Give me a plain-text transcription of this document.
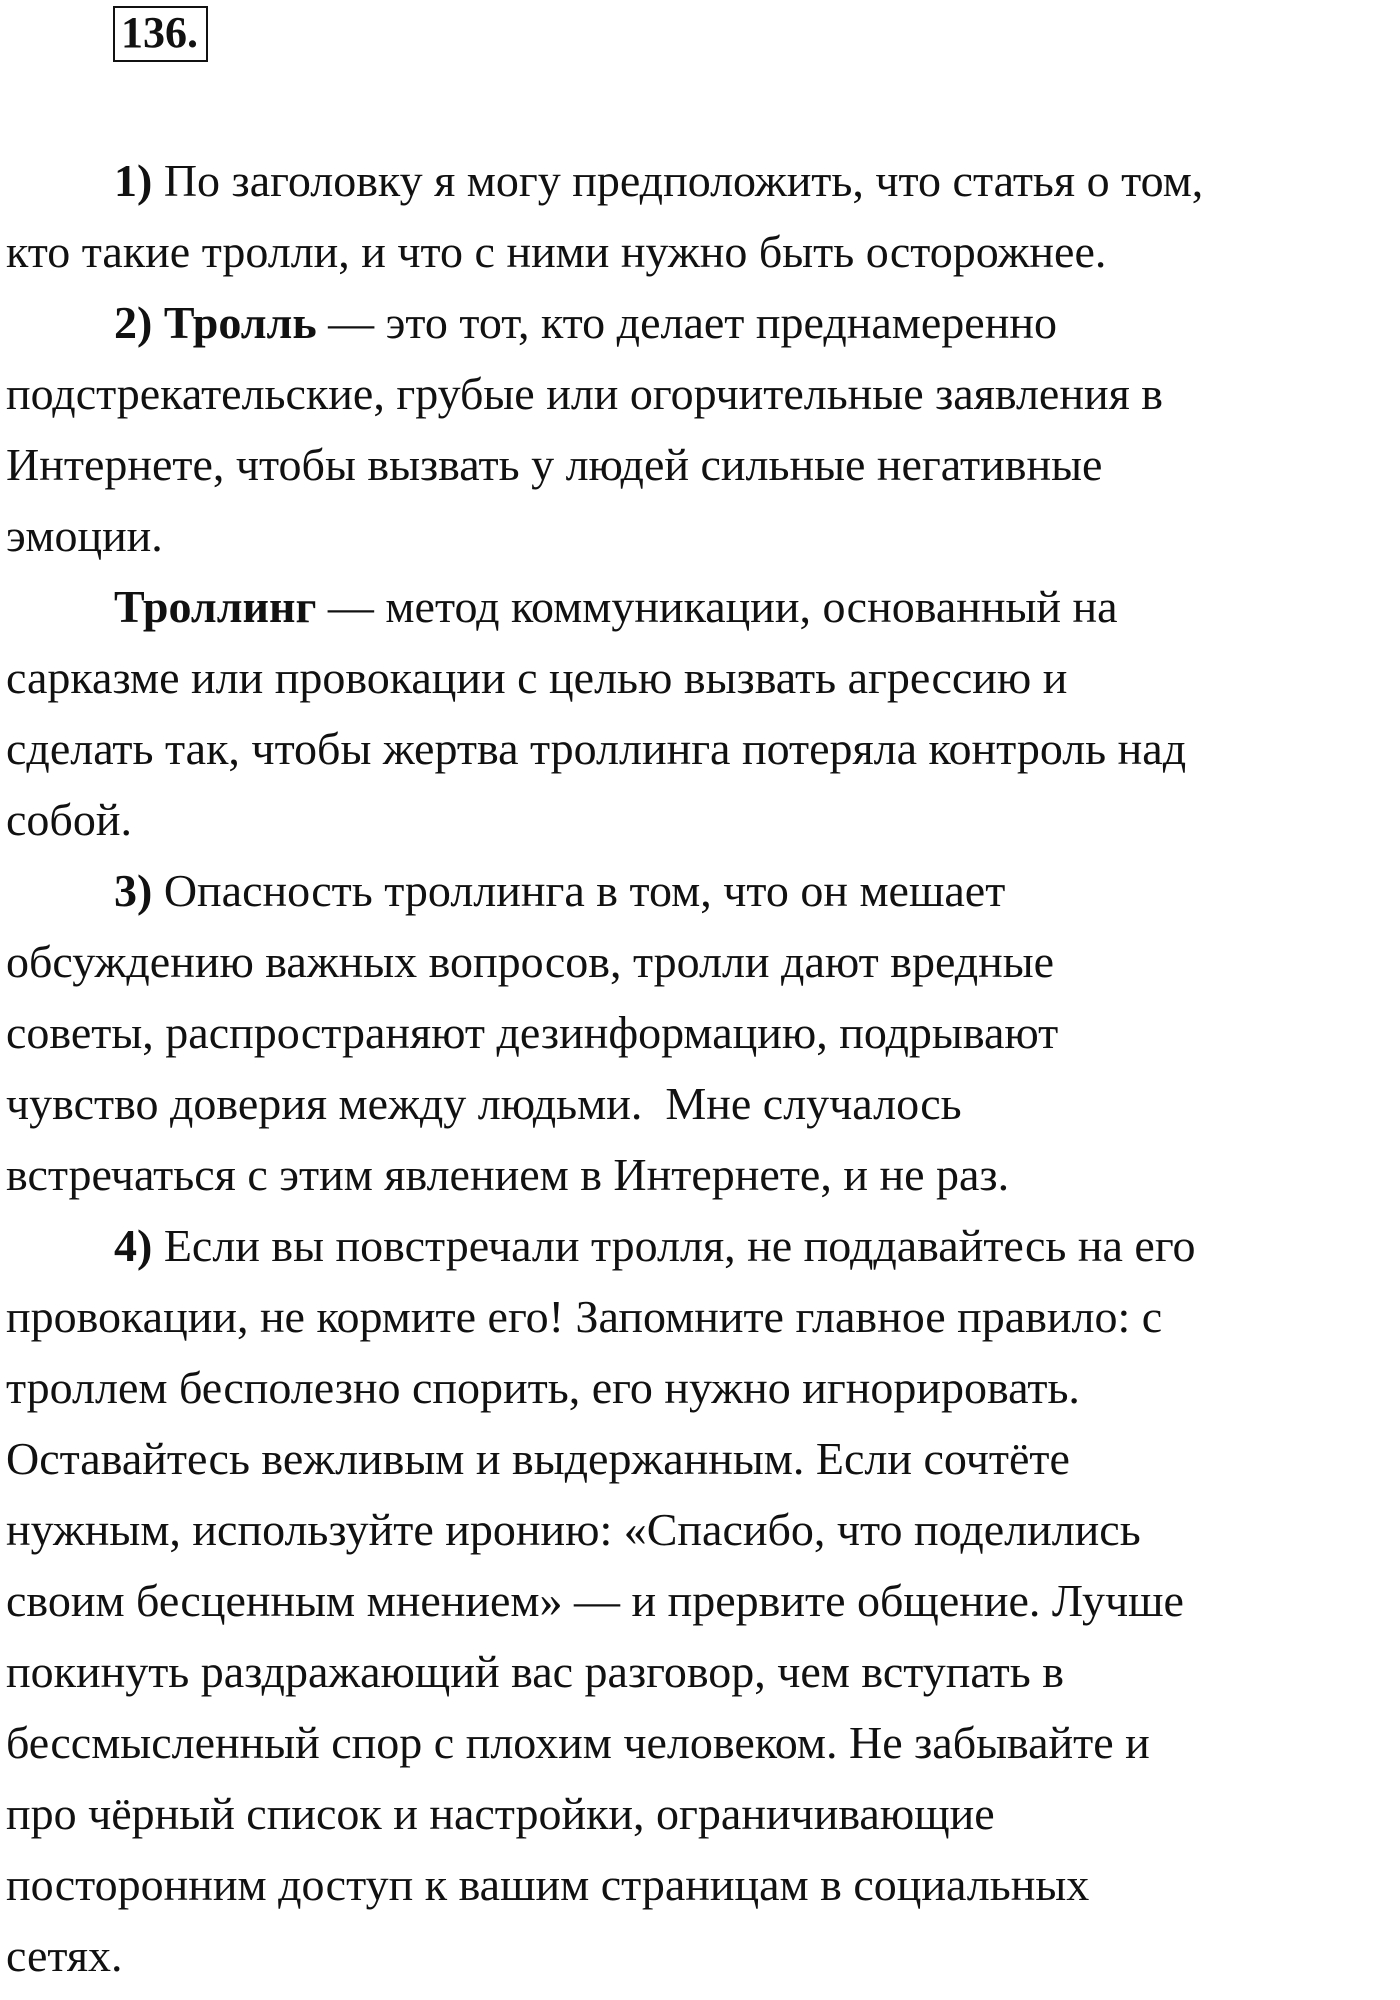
136.

1) По заголовку я могу предположить, что статья о том,
кто такие тролли, и что с ними нужно быть осторожнее.

2) Тролль — это тот, кто делает преднамеренно
подстрекательские, грубые или огорчительные заявления в
Интернете, чтобы вызвать у людей сильные негативные
эмоции.

Троллинг — метод коммуникации, основанный на
сарказме или провокации с целью вызвать агрессию и
сделать так, чтобы жертва троллинга потеряла контроль над
собой.

3) Опасность троллинга в том, что он мешает
обсуждению важных вопросов, тролли дают вредные
советы, распространяют дезинформацию, подрывают
чувство доверия между людьми.  Мне случалось
встречаться с этим явлением в Интернете, и не раз.

4) Если вы повстречали тролля, не поддавайтесь на его
провокации, не кормите его! Запомните главное правило: с
троллем бесполезно спорить, его нужно игнорировать.
Оставайтесь вежливым и выдержанным. Если сочтёте
нужным, используйте иронию: «Спасибо, что поделились
своим бесценным мнением» — и прервите общение. Лучше
покинуть раздражающий вас разговор, чем вступать в
бессмысленный спор с плохим человеком. Не забывайте и
про чёрный список и настройки, ограничивающие
посторонним доступ к вашим страницам в социальных
сетях.
